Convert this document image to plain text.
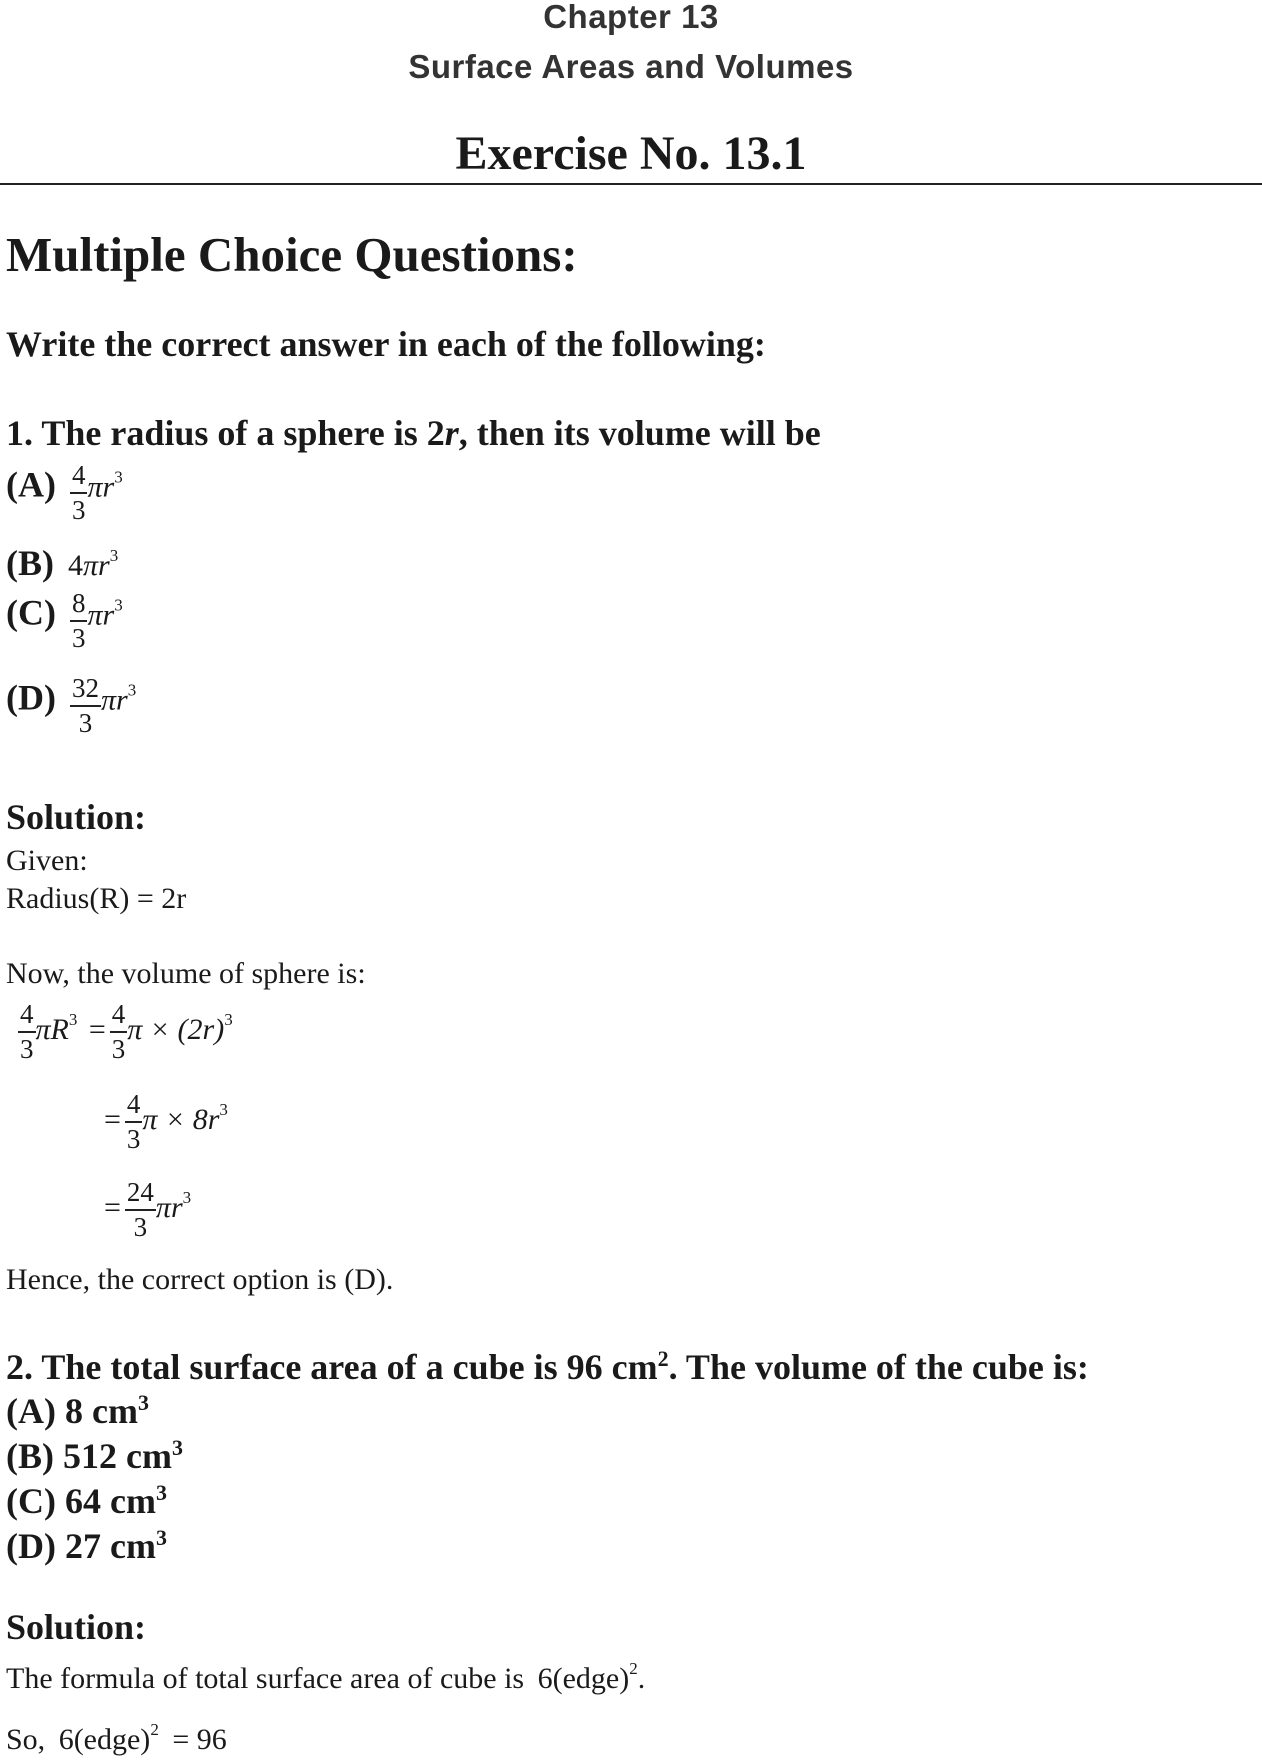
Chapter 13
Surface Areas and Volumes
Exercise No. 13.1
Multiple Choice Questions:
Write the correct answer in each of the following:
1. The radius of a sphere is 2r, then its volume will be
$(A) \frac{4}{3} \pi r3$
(B) 4πr3
$(C) \frac{8}{3} \pi r3$
$(D) \frac{32}{3} \pi r3$
Solution:
Given:
Radius(R) = 2r
Now, the volume of sphere is:
$\frac{4}{3} \pi R^3 = \frac{4}{3}$ $\pi \times (2r)^3$
= $\frac{4}{3}$ $\pi \times 8r^3$
= $\frac{24}{3} \pi r^3$
Hence, the correct option is (D).
2. The total surface area of a cube is 96 $cm^2$. The volume of the cube is:
(A) 8 $cm^3$
(B) 512 $cm^3$
(C) 64 $cm^3$
(D) 27 $cm^3$
Solution:
The formula of total surface area of cube is 6(edge)$^2$.
So, 6(edge)$^2$ = 96
